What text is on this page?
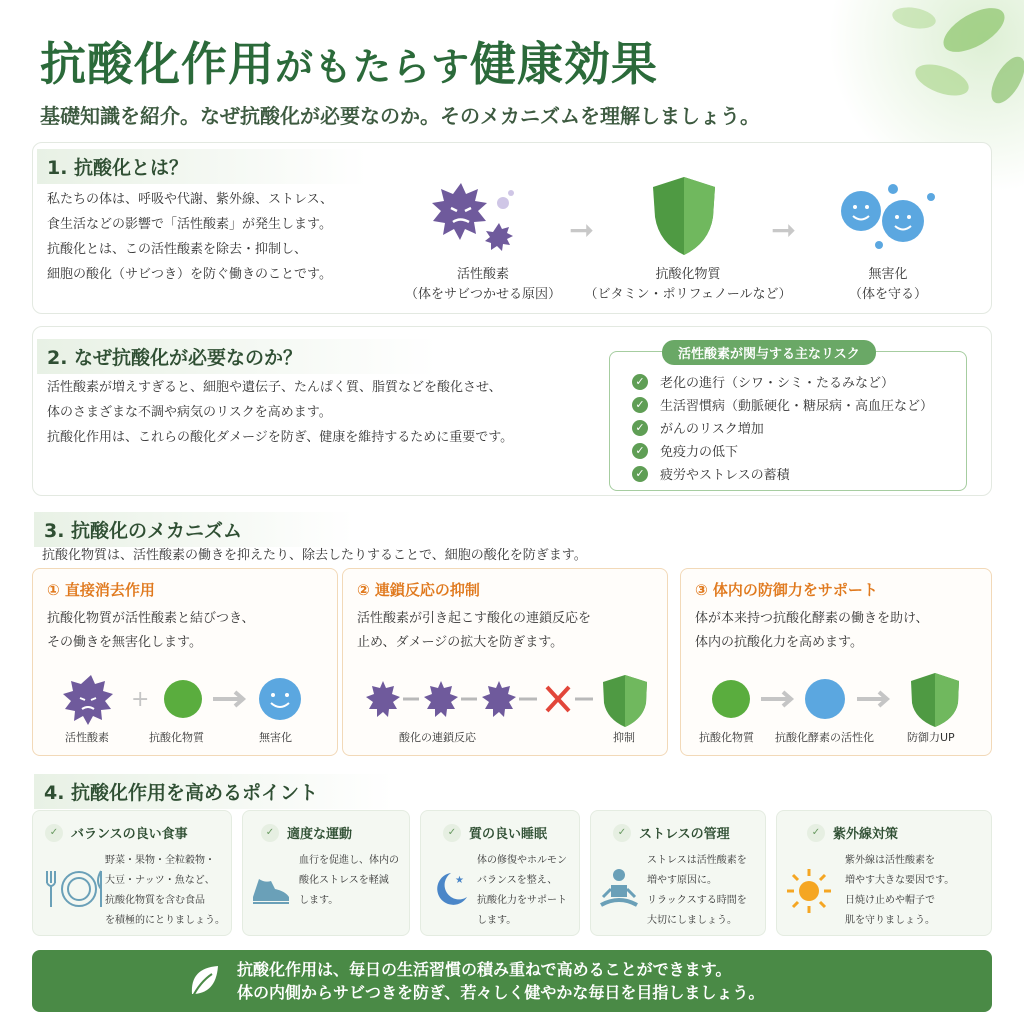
抗酸化作用がもたらす健康効果
基礎知識を紹介。なぜ抗酸化が必要なのか。そのメカニズムを理解しましょう。
1. 抗酸化とは？
私たちの体は、呼吸や代謝、紫外線、ストレス、
食生活などの影響で「活性酸素」が発生します。
抗酸化とは、この活性酸素を除去・抑制し、
細胞の酸化（サビつき）を防ぐ働きのことです。
➞	➞
活性酸素
（体をサビつかせる原因）
抗酸化物質
（ビタミン・ポリフェノールなど）
無害化
（体を守る）
2. なぜ抗酸化が必要なのか？
活性酸素が増えすぎると、細胞や遺伝子、たんぱく質、脂質などを酸化させ、
体のさまざまな不調や病気のリスクを高めます。
抗酸化作用は、これらの酸化ダメージを防ぎ、健康を維持するために重要です。
活性酸素が関与する主なリスク
✓ 老化の進行（シワ・シミ・たるみなど）
✓ 生活習慣病（動脈硬化・糖尿病・高血圧など）
✓ がんのリスク増加
✓ 免疫力の低下
✓ 疲労やストレスの蓄積
3. 抗酸化のメカニズム
抗酸化物質は、活性酸素の働きを抑えたり、除去したりすることで、細胞の酸化を防ぎます。
① 直接消去作用
抗酸化物質が活性酸素と結びつき、
その働きを無害化します。
+
活性酸素	抗酸化物質	無害化
② 連鎖反応の抑制
活性酸素が引き起こす酸化の連鎖反応を
止め、ダメージの拡大を防ぎます。
酸化の連鎖反応	抑制
③ 体内の防御力をサポート
体が本来持つ抗酸化酵素の働きを助け、
体内の抗酸化力を高めます。
抗酸化物質 抗酸化酵素の活性化	防御力UP
4. 抗酸化作用を高めるポイント
✓ バランスの良い食事
野菜・果物・全粒穀物・
大豆・ナッツ・魚など、
抗酸化物質を含む食品
を積極的にとりましょう。
✓ 適度な運動
血行を促進し、体内の
酸化ストレスを軽減
します。
✓ 質の良い睡眠
★
体の修復やホルモン
バランスを整え、
抗酸化力をサポート
します。
✓ ストレスの管理
ストレスは活性酸素を
増やす原因に。
リラックスする時間を
大切にしましょう。
✓ 紫外線対策
紫外線は活性酸素を
増やす大きな要因です。
日焼け止めや帽子で
肌を守りましょう。
抗酸化作用は、毎日の生活習慣の積み重ねで高めることができます。
体の内側からサビつきを防ぎ、若々しく健やかな毎日を目指しましょう。
